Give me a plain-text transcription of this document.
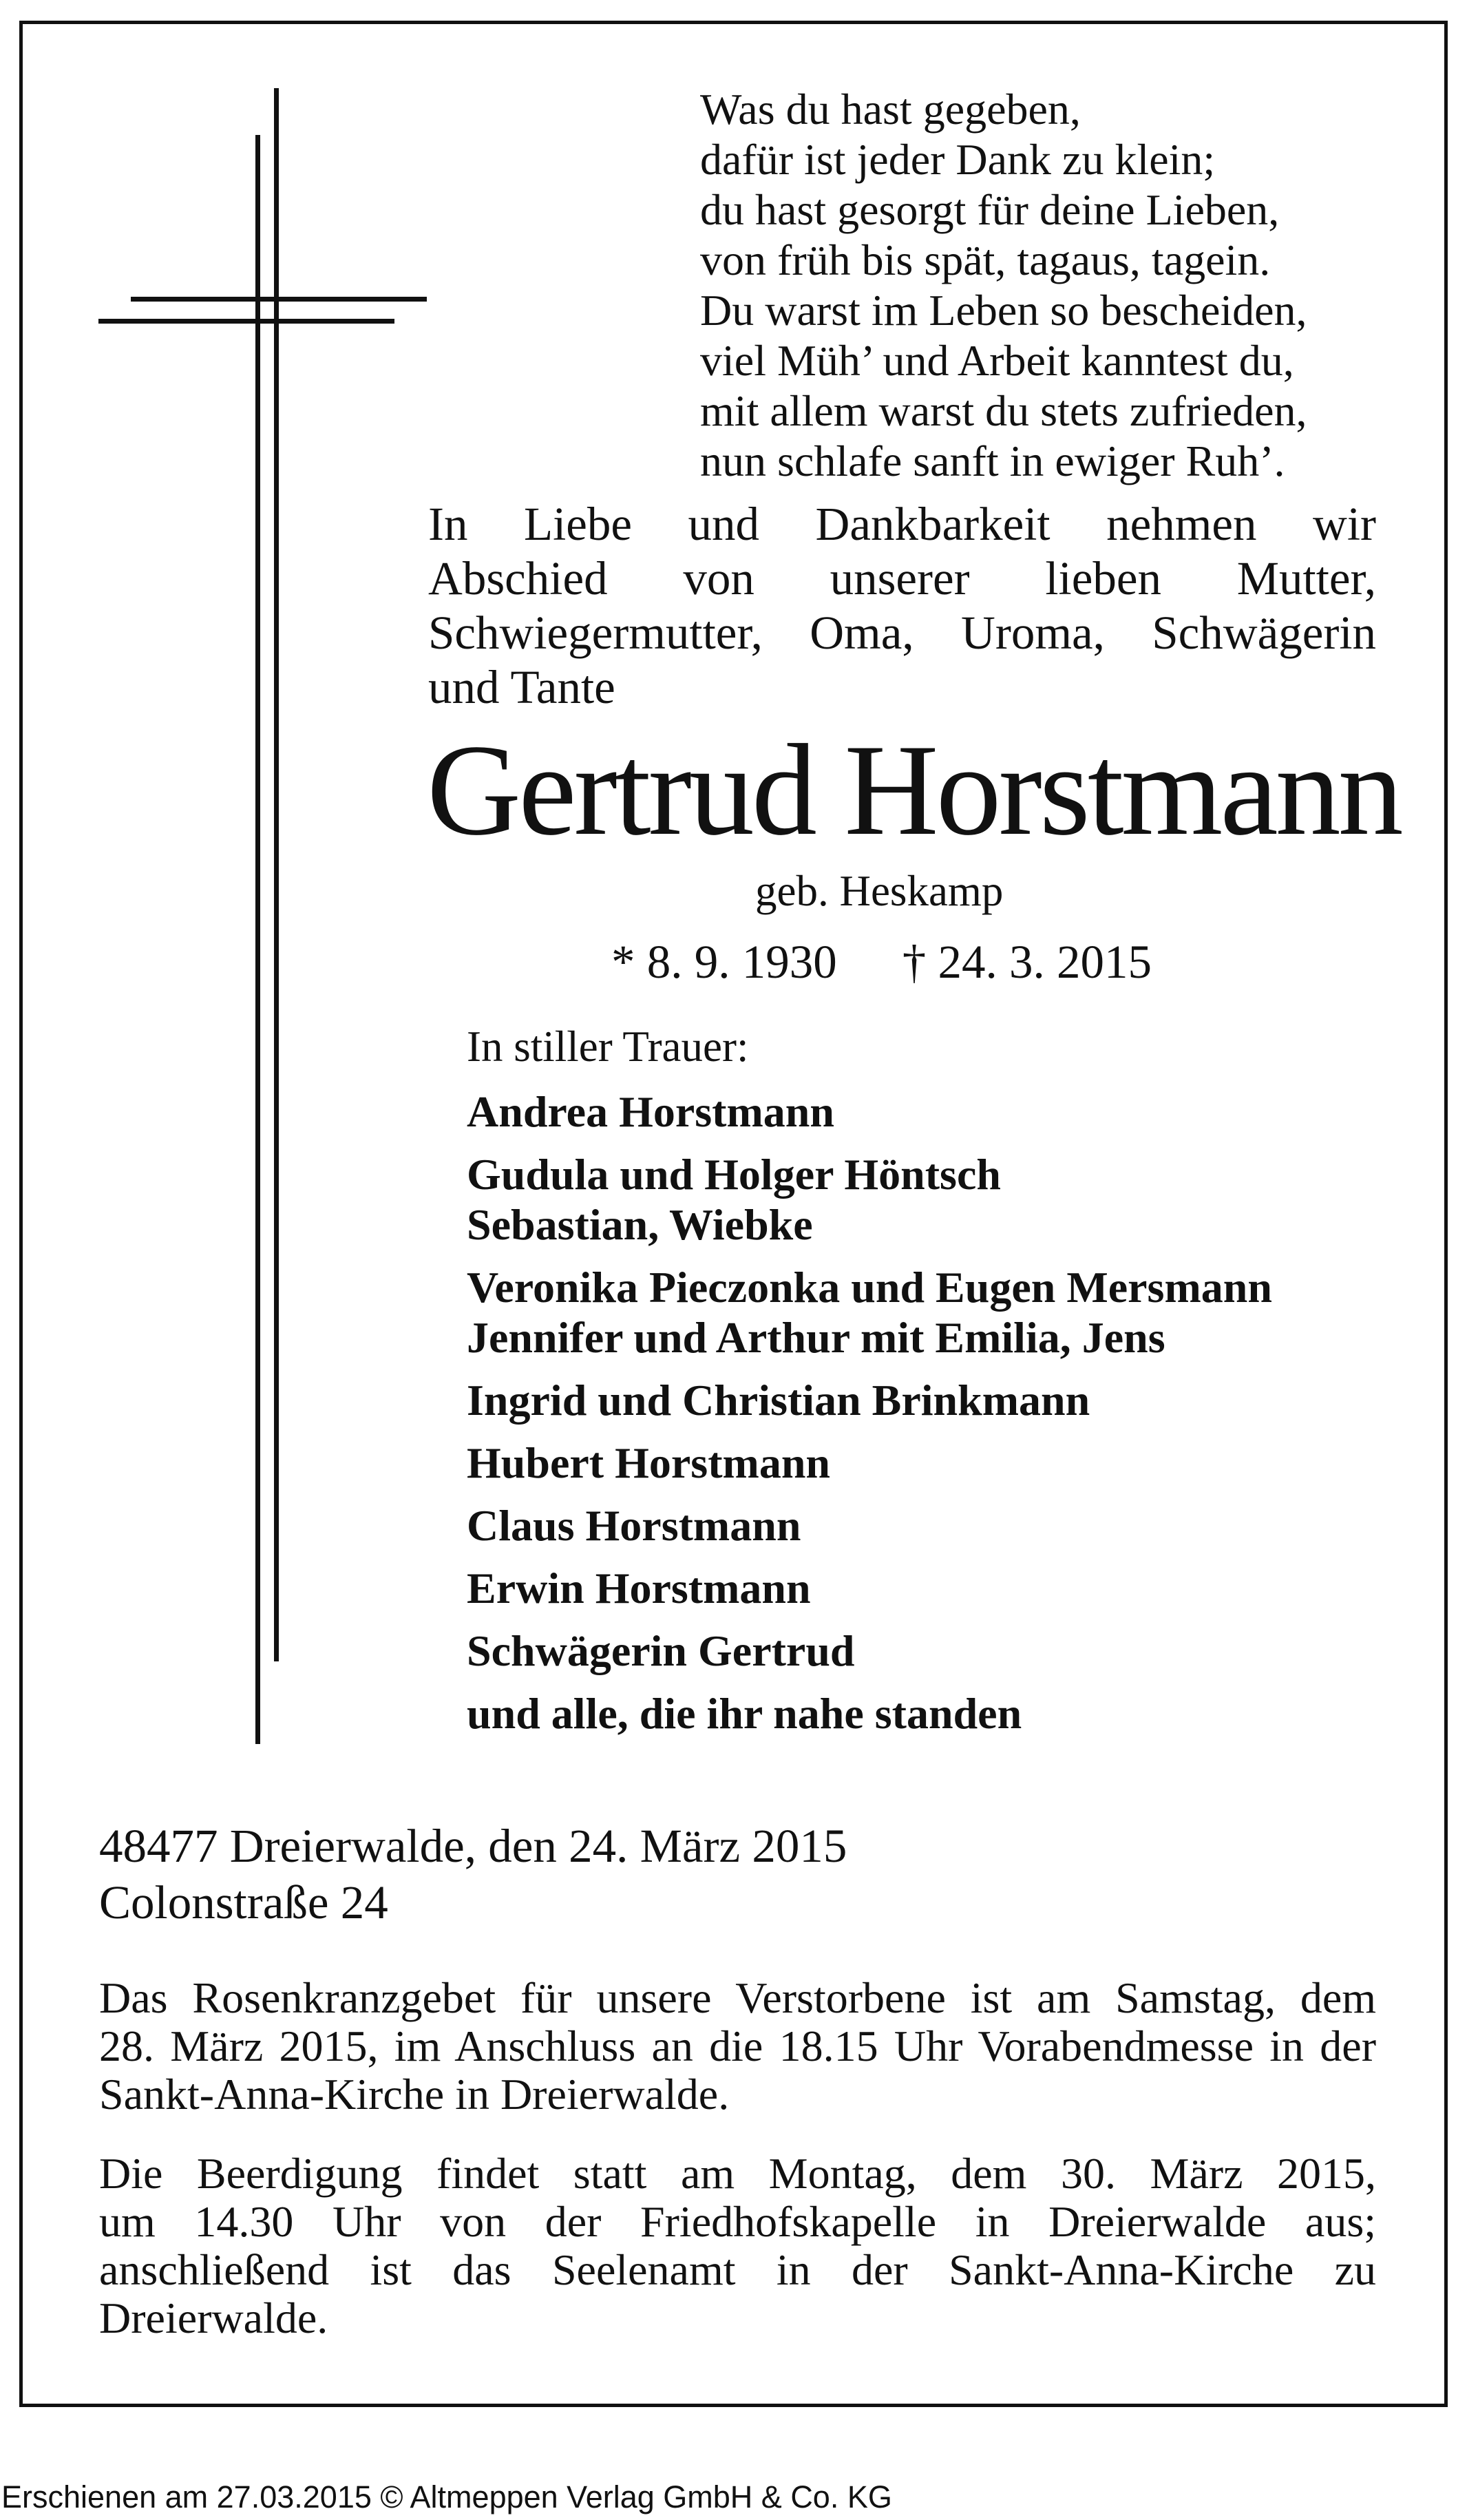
Was du hast gegeben,
dafür ist jeder Dank zu klein;
du hast gesorgt für deine Lieben,
von früh bis spät, tagaus, tagein.
Du warst im Leben so bescheiden,
viel Müh’ und Arbeit kanntest du,
mit allem warst du stets zufrieden,
nun schlafe sanft in ewiger Ruh’.
In Liebe und Dankbarkeit nehmen wir
Abschied von unserer lieben Mutter,
Schwiegermutter, Oma, Uroma, Schwägerin
und Tante
Gertrud Horstmann
geb. Heskamp
* 8. 9. 1930 † 24. 3. 2015
In stiller Trauer:
Andrea Horstmann
Gudula und Holger Höntsch
Sebastian, Wiebke
Veronika Pieczonka und Eugen Mersmann
Jennifer und Arthur mit Emilia, Jens
Ingrid und Christian Brinkmann
Hubert Horstmann
Claus Horstmann
Erwin Horstmann
Schwägerin Gertrud
und alle, die ihr nahe standen
48477 Dreierwalde, den 24. März 2015
Colonstraße 24
Das Rosenkranzgebet für unsere Verstorbene ist am Samstag, dem
28. März 2015, im Anschluss an die 18.15 Uhr Vorabendmesse in der
Sankt-Anna-Kirche in Dreierwalde.
Die Beerdigung findet statt am Montag, dem 30. März 2015,
um 14.30 Uhr von der Friedhofskapelle in Dreierwalde aus;
anschließend ist das Seelenamt in der Sankt-Anna-Kirche zu
Dreierwalde.
Erschienen am 27.03.2015 © Altmeppen Verlag GmbH & Co. KG
